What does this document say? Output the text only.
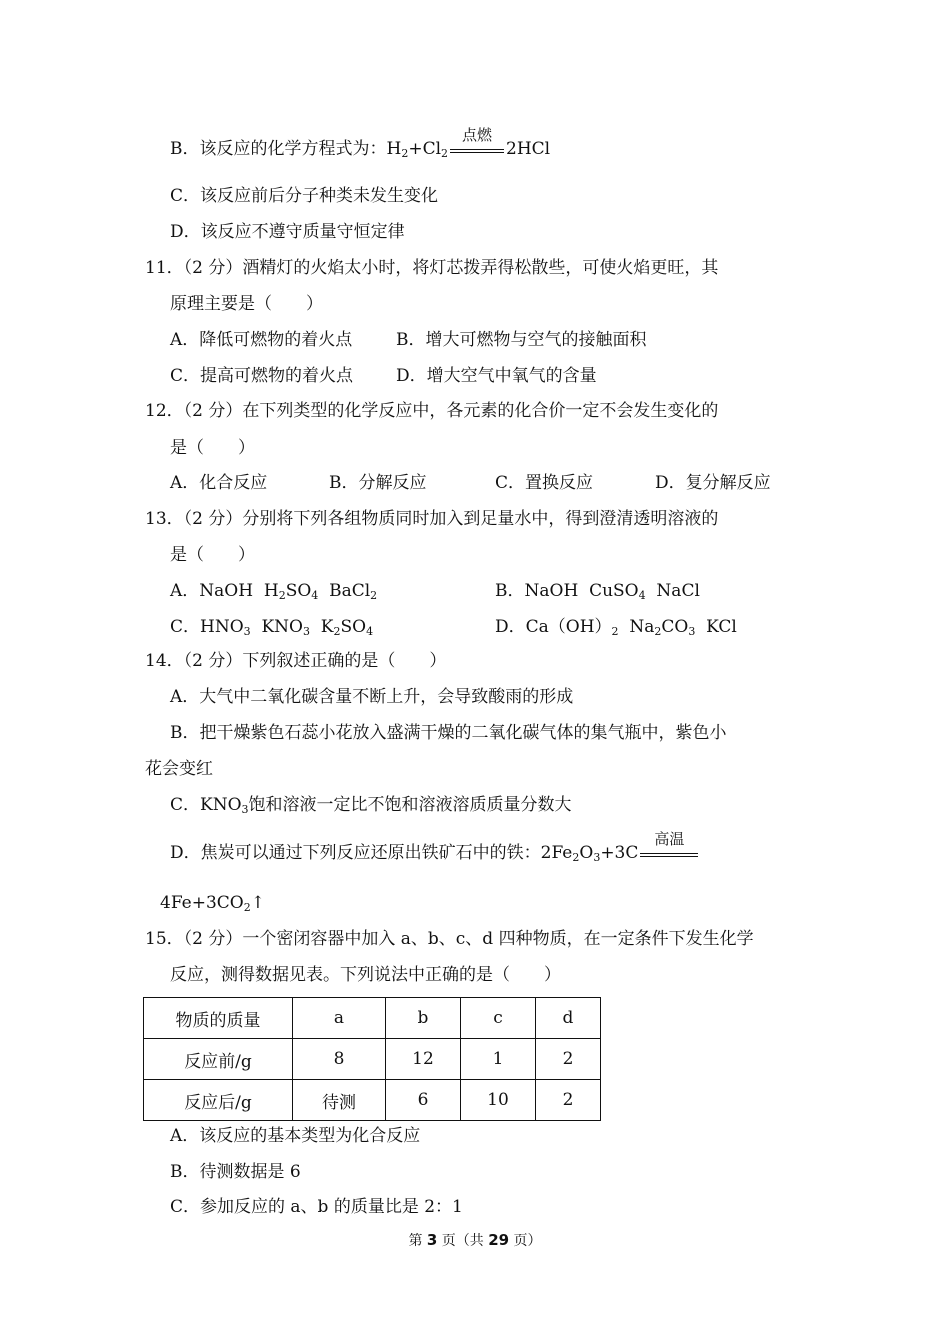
B．该反应的化学方程式为：$H_2+Cl_2$
点燃
2HCl
C．该反应前后分子种类未发生变化
D．该反应不遵守质量守恒定律
11．（2 分）酒精灯的火焰太小时，将灯芯拨弄得松散些，可使火焰更旺，其
原理主要是（　　）
A．降低可燃物的着火点	B．增大可燃物与空气的接触面积
C．提高可燃物的着火点	D．增大空气中氧气的含量
12．（2 分）在下列类型的化学反应中，各元素的化合价一定不会发生变化的
是（　　）
A．化合反应	B．分解反应	C．置换反应	D．复分解反应
13．（2 分）分别将下列各组物质同时加入到足量水中，得到澄清透明溶液的
是（　　）
A．NaOH  $H_2SO_4$  BaCl$_2$	B．NaOH  CuSO$_4$  NaCl
C．$HNO_3$  $KNO_3$  $K_2SO_4$	D．$Ca(OH)_2$  $Na_2CO_3$  KCl
14．（2 分）下列叙述正确的是（　　）
A．大气中二氧化碳含量不断上升，会导致酸雨的形成
B．把干燥紫色石蕊小花放入盛满干燥的二氧化碳气体的集气瓶中，紫色小
花会变红
C．$KNO_3$饱和溶液一定比不饱和溶液溶质质量分数大
D．焦炭可以通过下列反应还原出铁矿石中的铁：$2Fe_2O_3+3C$
高温
$4Fe+3CO_2↑$
15．（2 分）一个密闭容器中加入 a、b、c、d 四种物质，在一定条件下发生化学
反应，测得数据见表。下列说法中正确的是（　　）
物质的质量	a	b	c	d
反应前/g	8	12	1	2
反应后/g	待测	6	10	2
A．该反应的基本类型为化合反应
B．待测数据是 6
C．参加反应的 a、b 的质量比是 2：1
第 3 页（共 29 页）
